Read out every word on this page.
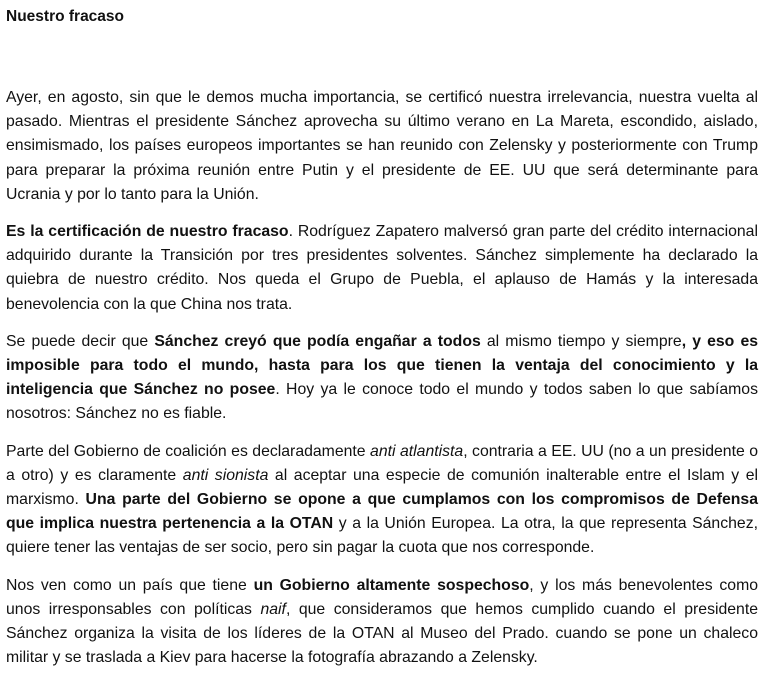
Nuestro fracaso

Ayer, en agosto, sin que le demos mucha importancia, se certificó nuestra irrelevancia, nuestra vuelta al pasado. Mientras el presidente Sánchez aprovecha su último verano en La Mareta, escondido, aislado, ensimismado, los países europeos importantes se han reunido con Zelensky y posteriormente con Trump para preparar la próxima reunión entre Putin y el presidente de EE. UU que será determinante para Ucrania y por lo tanto para la Unión.

Es la certificación de nuestro fracaso. Rodríguez Zapatero malversó gran parte del crédito internacional adquirido durante la Transición por tres presidentes solventes. Sánchez simplemente ha declarado la quiebra de nuestro crédito. Nos queda el Grupo de Puebla, el aplauso de Hamás y la interesada benevolencia con la que China nos trata.

Se puede decir que Sánchez creyó que podía engañar a todos al mismo tiempo y siempre, y eso es imposible para todo el mundo, hasta para los que tienen la ventaja del conocimiento y la inteligencia que Sánchez no posee. Hoy ya le conoce todo el mundo y todos saben lo que sabíamos nosotros: Sánchez no es fiable.

Parte del Gobierno de coalición es declaradamente anti atlantista, contraria a EE. UU (no a un presidente o a otro) y es claramente anti sionista al aceptar una especie de comunión inalterable entre el Islam y el marxismo. Una parte del Gobierno se opone a que cumplamos con los compromisos de Defensa que implica nuestra pertenencia a la OTAN y a la Unión Europea. La otra, la que representa Sánchez, quiere tener las ventajas de ser socio, pero sin pagar la cuota que nos corresponde.

Nos ven como un país que tiene un Gobierno altamente sospechoso, y los más benevolentes como unos irresponsables con políticas naif, que consideramos que hemos cumplido cuando el presidente Sánchez organiza la visita de los líderes de la OTAN al Museo del Prado. cuando se pone un chaleco militar y se traslada a Kiev para hacerse la fotografía abrazando a Zelensky.
